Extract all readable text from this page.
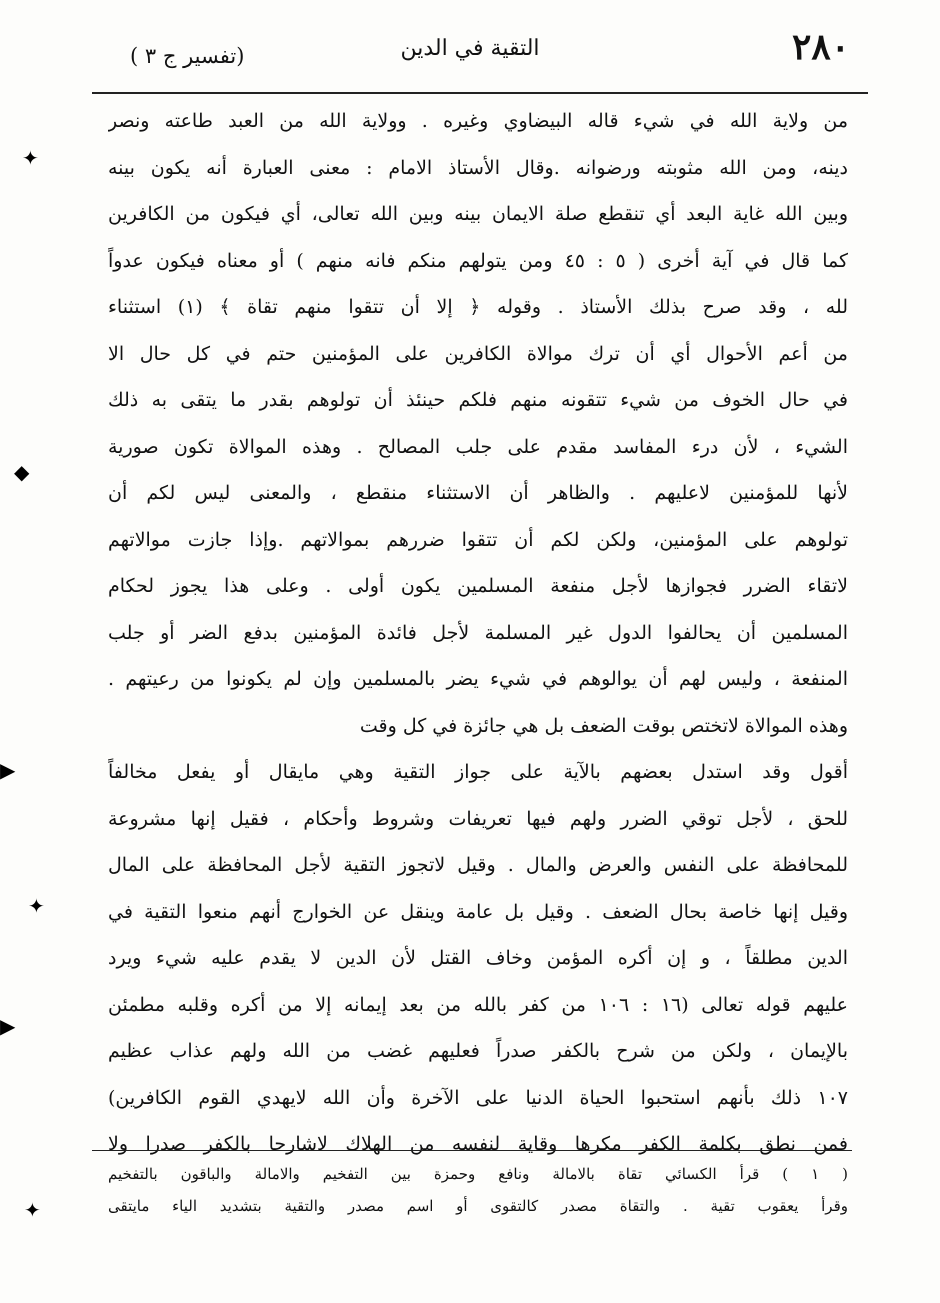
٢٨٠
التقية في الدين
( تفسير ج ٣)
من ولاية الله في شيء قاله البيضاوي وغيره . وولاية الله من العبد طاعته ونصر
دينه، ومن الله مثوبته ورضوانه .وقال الأستاذ الامام : معنى العبارة أنه يكون بينه
وبين الله غاية البعد أي تنقطع صلة الايمان بينه وبين الله تعالى، أي فيكون من الكافرين
كما قال في آية أخرى ( ٥ : ٤٥ ومن يتولهم منكم فانه منهم ) أو معناه فيكون عدواً
لله ، وقد صرح بذلك الأستاذ . وقوله ﴿ إلا أن تتقوا منهم تقاة ﴾ (١) استثناء
من أعم الأحوال أي أن ترك موالاة الكافرين على المؤمنين حتم في كل حال الا
في حال الخوف من شيء تتقونه منهم فلكم حينئذ أن تولوهم بقدر ما يتقى به ذلك
الشيء ، لأن درء المفاسد مقدم على جلب المصالح . وهذه الموالاة تكون صورية
لأنها للمؤمنين لاعليهم . والظاهر أن الاستثناء منقطع ، والمعنى ليس لكم أن
تولوهم على المؤمنين، ولكن لكم أن تتقوا ضررهم بموالاتهم .وإذا جازت موالاتهم
لاتقاء الضرر فجوازها لأجل منفعة المسلمين يكون أولى . وعلى هذا يجوز لحكام
المسلمين أن يحالفوا الدول غير المسلمة لأجل فائدة المؤمنين بدفع الضر أو جلب
المنفعة ، وليس لهم أن يوالوهم في شيء يضر بالمسلمين وإن لم يكونوا من رعيتهم .
وهذه الموالاة لاتختص بوقت الضعف بل هي جائزة في كل وقت
أقول وقد استدل بعضهم بالآية على جواز التقية وهي مايقال أو يفعل مخالفاً
للحق ، لأجل توقي الضرر ولهم فيها تعريفات وشروط وأحكام ، فقيل إنها مشروعة
للمحافظة على النفس والعرض والمال . وقيل لاتجوز التقية لأجل المحافظة على المال
وقيل إنها خاصة بحال الضعف . وقيل بل عامة وينقل عن الخوارج أنهم منعوا التقية في
الدين مطلقاً ، و إن أكره المؤمن وخاف القتل لأن الدين لا يقدم عليه شيء ويرد
عليهم قوله تعالى (١٦ : ١٠٦ من كفر بالله من بعد إيمانه إلا من أكره وقلبه مطمئن
بالإيمان ، ولكن من شرح بالكفر صدراً فعليهم غضب من الله ولهم عذاب عظيم
١٠٧ ذلك بأنهم استحبوا الحياة الدنيا على الآخرة وأن الله لايهدي القوم الكافرين)
فمن نطق بكلمة الكفر مكرها وقاية لنفسه من الهلاك لاشارحا بالكفر صدرا ولا
( ١ ) قرأ الكسائي تقاة بالامالة ونافع وحمزة بين التفخيم والامالة والباقون بالتفخيم
وقرأ يعقوب تقية . والتقاة مصدر كالتقوى أو اسم مصدر والتقية بتشديد الياء مايتقى
✦
◆
▶
✦
▶
✦
